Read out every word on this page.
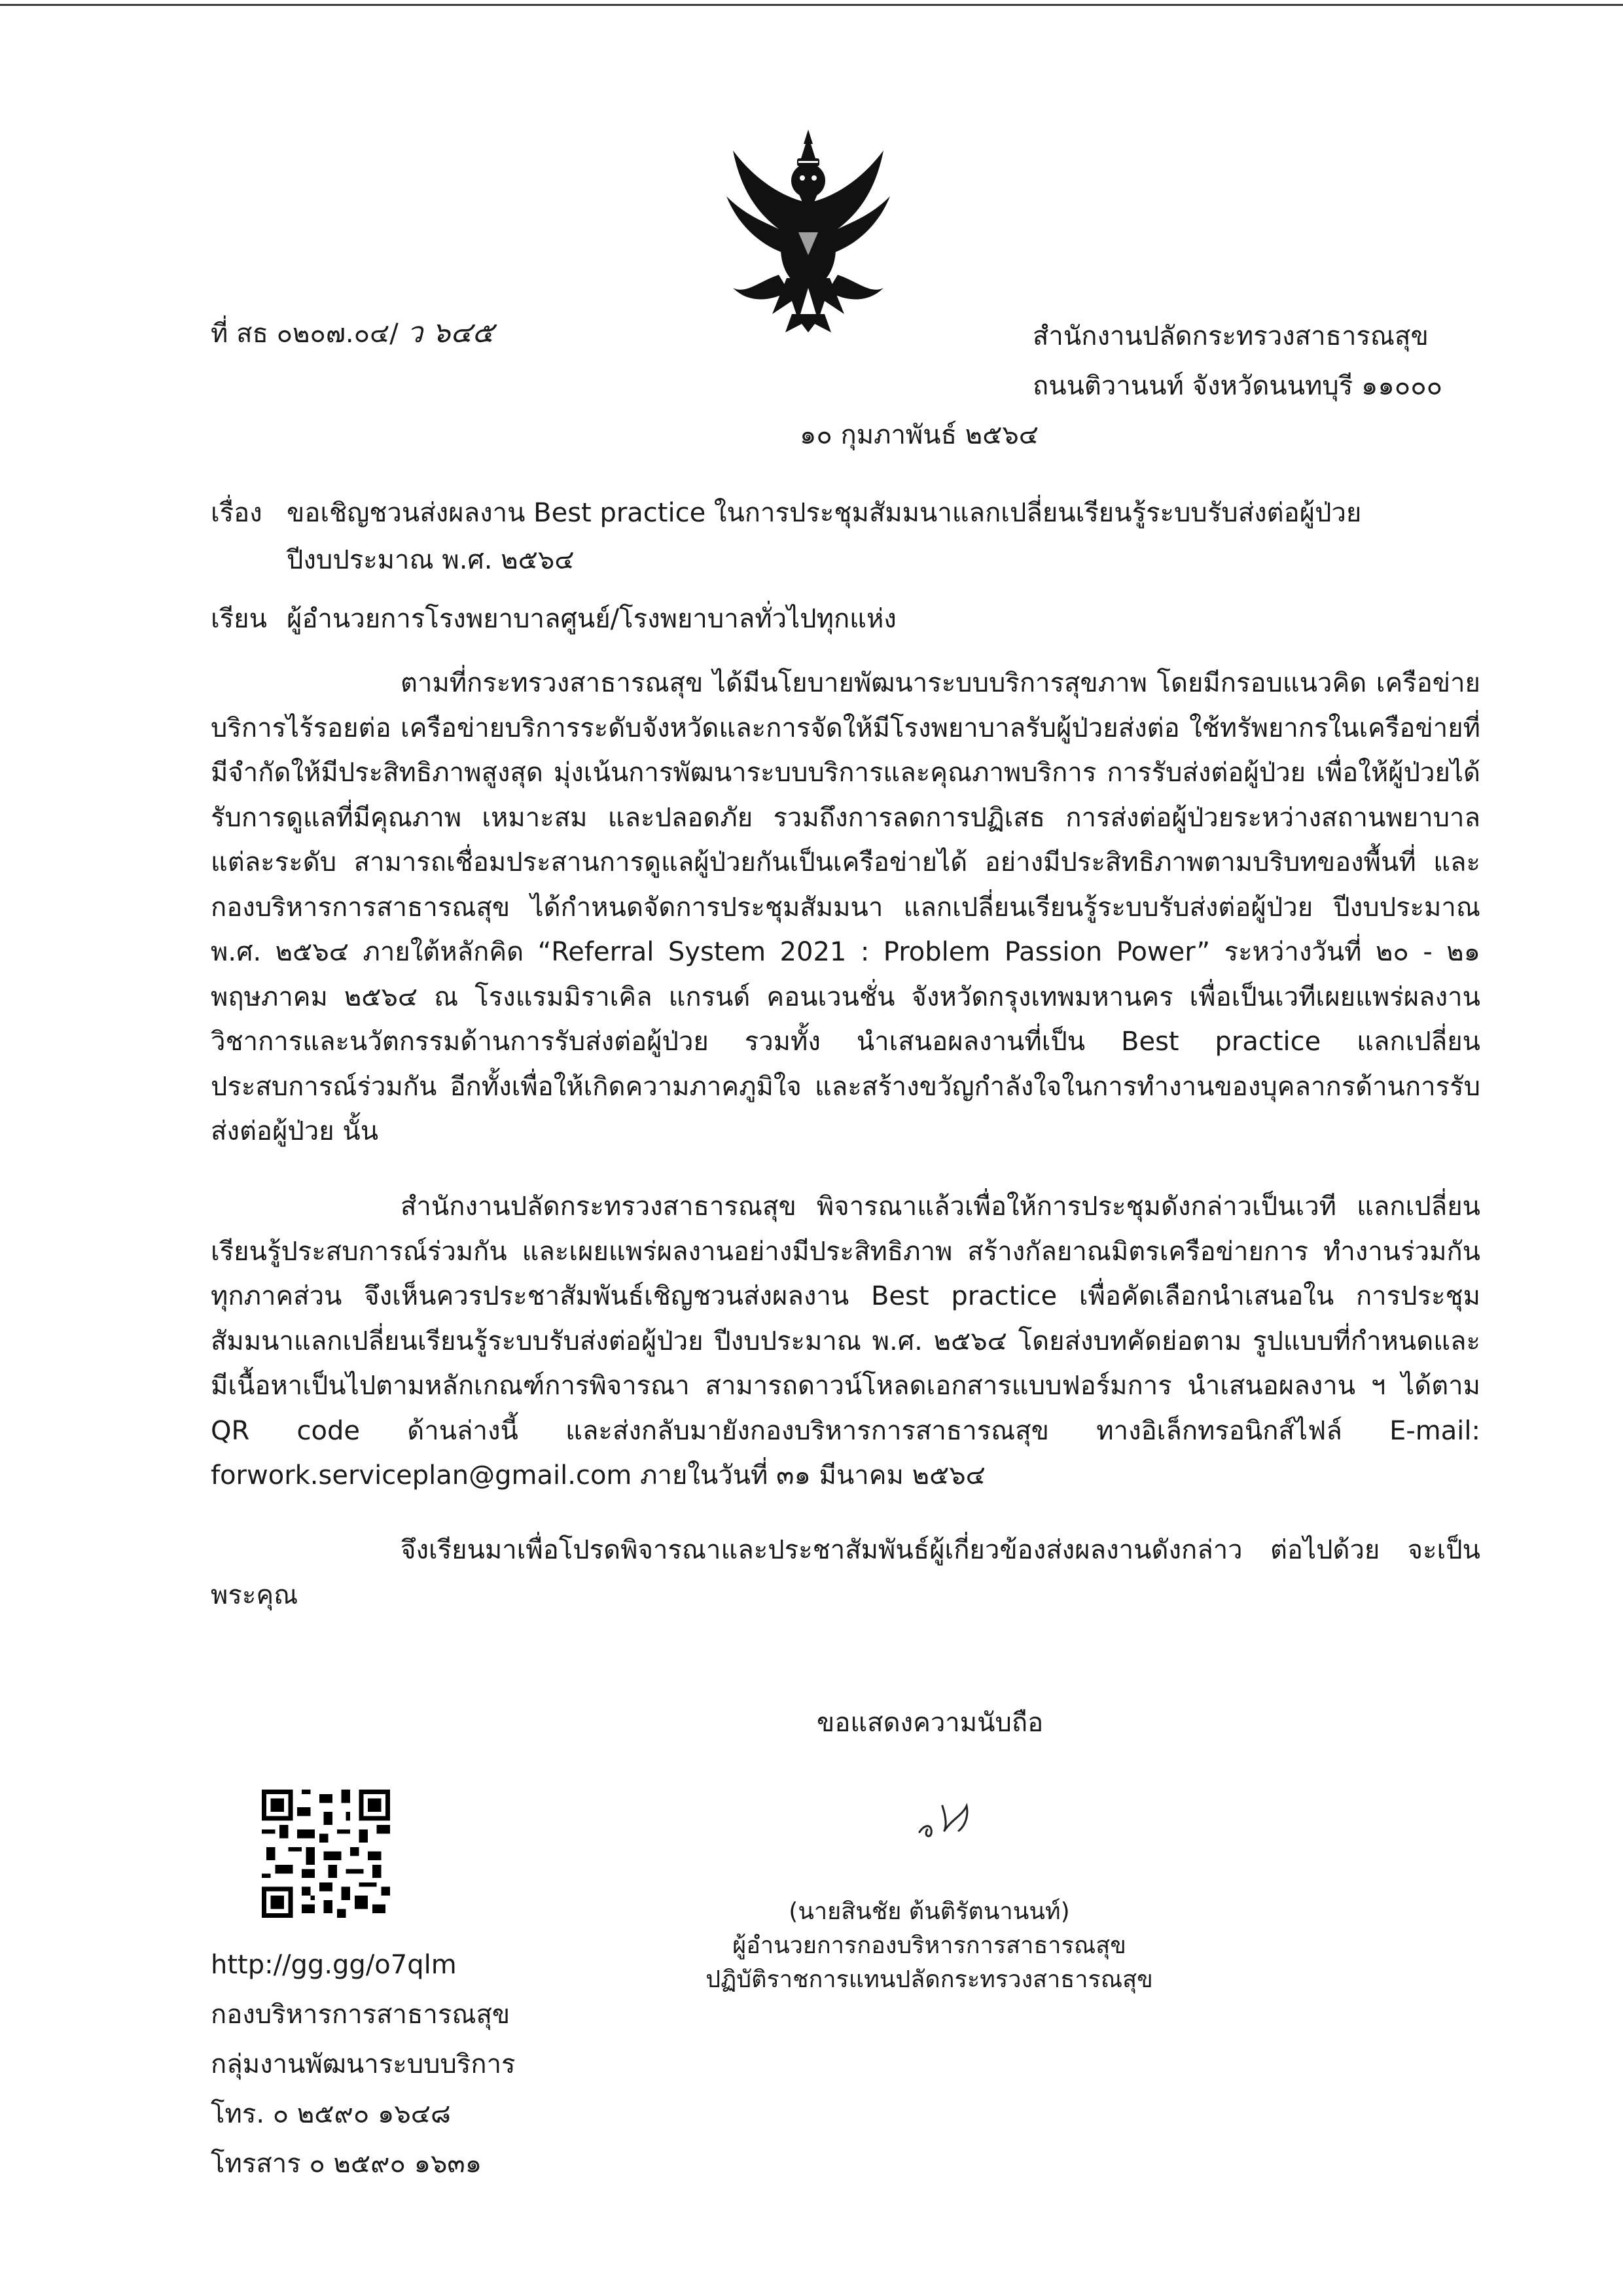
ที่ สธ ๐๒๐๗.๐๔/ ว ๖๔๕	สำนักงานปลัดกระทรวงสาธารณสุข
ถนนติวานนท์ จังหวัดนนทบุรี ๑๑๐๐๐
๑๐ กุมภาพันธ์ ๒๕๖๔
เรื่อง ขอเชิญชวนส่งผลงาน Best practice ในการประชุมสัมมนาแลกเปลี่ยนเรียนรู้ระบบรับส่งต่อผู้ป่วย ปีงบประมาณ พ.ศ. ๒๕๖๔
เรียน ผู้อำนวยการโรงพยาบาลศูนย์/โรงพยาบาลทั่วไปทุกแห่ง
ตามที่กระทรวงสาธารณสุข ได้มีนโยบายพัฒนาระบบบริการสุขภาพ โดยมีกรอบแนวคิด เครือข่ายบริการไร้รอยต่อ เครือข่ายบริการระดับจังหวัดและการจัดให้มีโรงพยาบาลรับผู้ป่วยส่งต่อ ใช้ทรัพยากรในเครือข่ายที่มีจำกัดให้มีประสิทธิภาพสูงสุด มุ่งเน้นการพัฒนาระบบบริการและคุณภาพบริการ การรับส่งต่อผู้ป่วย เพื่อให้ผู้ป่วยได้รับการดูแลที่มีคุณภาพ เหมาะสม และปลอดภัย รวมถึงการลดการปฏิเสธ การส่งต่อผู้ป่วยระหว่างสถานพยาบาลแต่ละระดับ สามารถเชื่อมประสานการดูแลผู้ป่วยกันเป็นเครือข่ายได้ อย่างมีประสิทธิภาพตามบริบทของพื้นที่ และกองบริหารการสาธารณสุข ได้กำหนดจัดการประชุมสัมมนา แลกเปลี่ยนเรียนรู้ระบบรับส่งต่อผู้ป่วย ปีงบประมาณ พ.ศ. ๒๕๖๔ ภายใต้หลักคิด “Referral System 2021 : Problem Passion Power” ระหว่างวันที่ ๒๐ - ๒๑ พฤษภาคม ๒๕๖๔ ณ โรงแรมมิราเคิล แกรนด์ คอนเวนชั่น จังหวัดกรุงเทพมหานคร เพื่อเป็นเวทีเผยแพร่ผลงานวิชาการและนวัตกรรมด้านการรับส่งต่อผู้ป่วย รวมทั้ง นำเสนอผลงานที่เป็น Best practice แลกเปลี่ยนประสบการณ์ร่วมกัน อีกทั้งเพื่อให้เกิดความภาคภูมิใจ และสร้างขวัญกำลังใจในการทำงานของบุคลากรด้านการรับส่งต่อผู้ป่วย นั้น
สำนักงานปลัดกระทรวงสาธารณสุข พิจารณาแล้วเพื่อให้การประชุมดังกล่าวเป็นเวที แลกเปลี่ยนเรียนรู้ประสบการณ์ร่วมกัน และเผยแพร่ผลงานอย่างมีประสิทธิภาพ สร้างกัลยาณมิตรเครือข่ายการ ทำงานร่วมกันทุกภาคส่วน จึงเห็นควรประชาสัมพันธ์เชิญชวนส่งผลงาน Best practice เพื่อคัดเลือกนำเสนอใน การประชุมสัมมนาแลกเปลี่ยนเรียนรู้ระบบรับส่งต่อผู้ป่วย ปีงบประมาณ พ.ศ. ๒๕๖๔ โดยส่งบทคัดย่อตาม รูปแบบที่กำหนดและมีเนื้อหาเป็นไปตามหลักเกณฑ์การพิจารณา สามารถดาวน์โหลดเอกสารแบบฟอร์มการ นำเสนอผลงาน ฯ ได้ตาม QR code ด้านล่างนี้ และส่งกลับมายังกองบริหารการสาธารณสุข ทางอิเล็กทรอนิกส์ไฟล์ E-mail: forwork.serviceplan@gmail.com ภายในวันที่ ๓๑ มีนาคม ๒๕๖๔
จึงเรียนมาเพื่อโปรดพิจารณาและประชาสัมพันธ์ผู้เกี่ยวข้องส่งผลงานดังกล่าว ต่อไปด้วย จะเป็นพระคุณ
ขอแสดงความนับถือ
(นายสินชัย ต้นติรัตนานนท์)
ผู้อำนวยการกองบริหารการสาธารณสุข
ปฏิบัติราชการแทนปลัดกระทรวงสาธารณสุข
http://gg.gg/o7qlm
กองบริหารการสาธารณสุข
กลุ่มงานพัฒนาระบบบริการ
โทร. ๐ ๒๕๙๐ ๑๖๔๘
โทรสาร ๐ ๒๕๙๐ ๑๖๓๑
